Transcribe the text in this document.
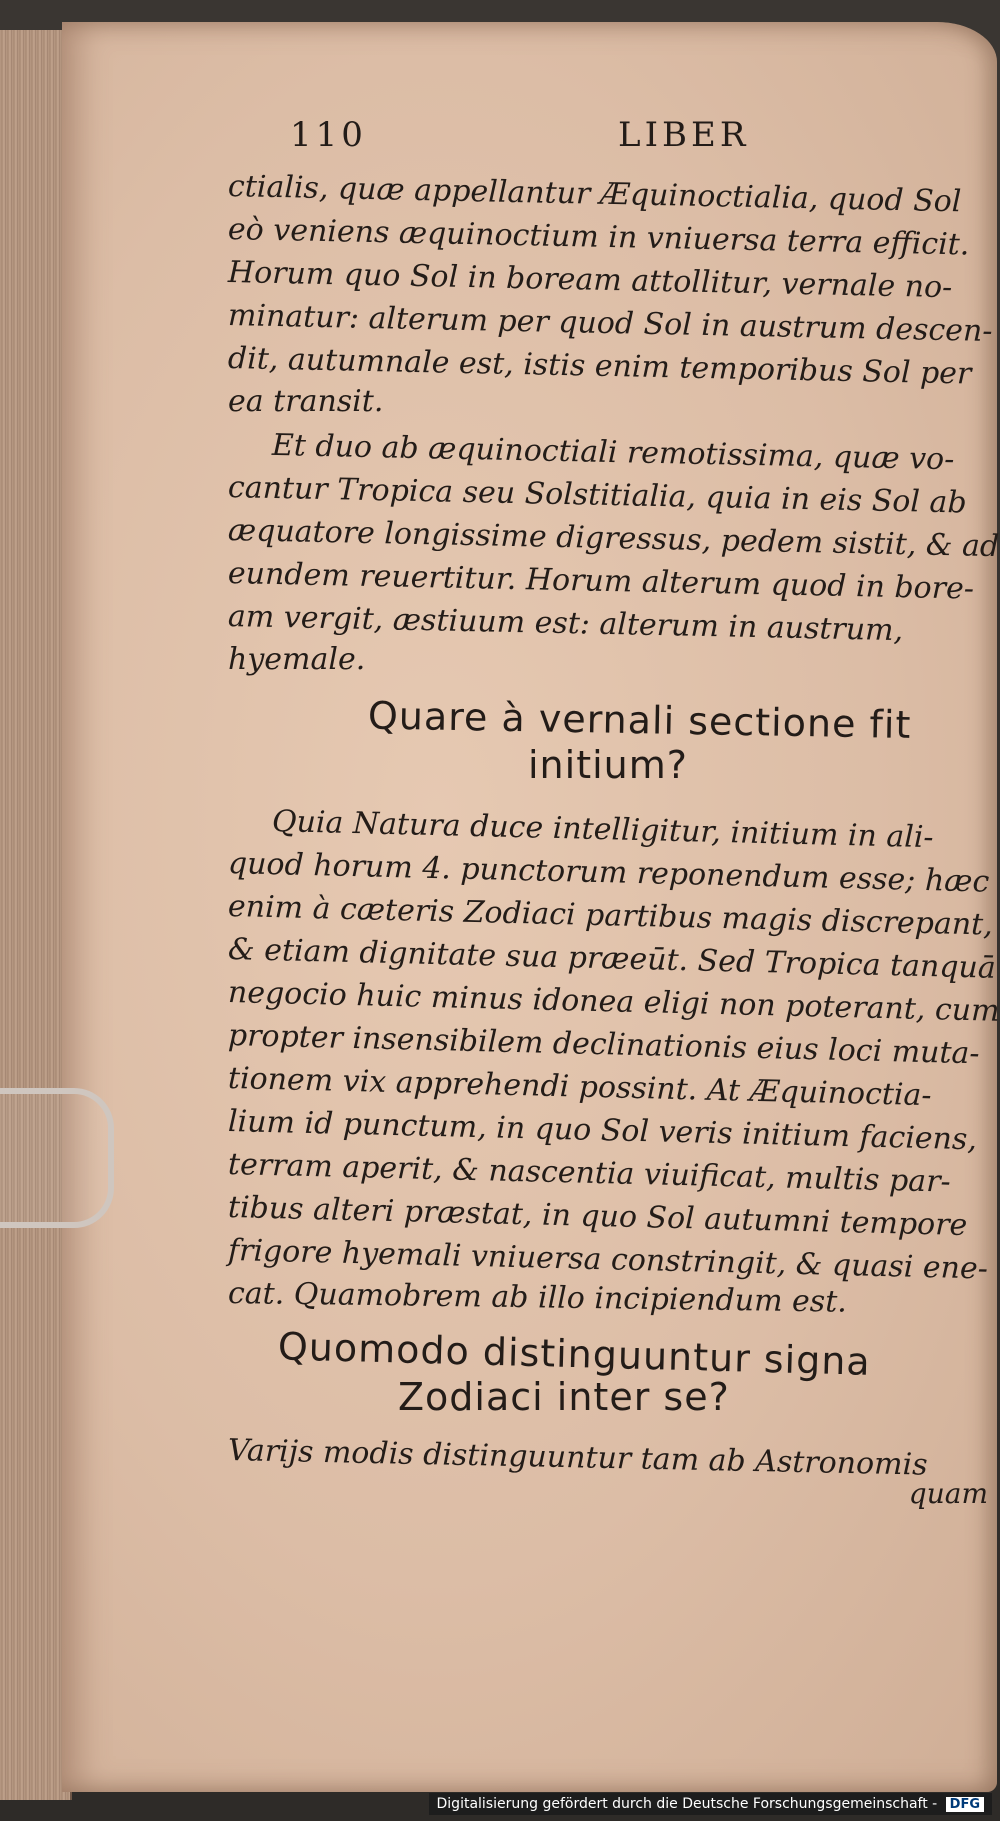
110	LIBER
ctialis, quæ appellantur Æquinoctialia, quod Sol
eò veniens æquinoctium in vniuersa terra efficit.
Horum quo Sol in boream attollitur, vernale no-
minatur: alterum per quod Sol in austrum descen-
dit, autumnale est, istis enim temporibus Sol per
ea transit.
Et duo ab æquinoctiali remotissima, quæ vo-
cantur Tropica seu Solstitialia, quia in eis Sol ab
æquatore longissime digressus, pedem sistit, & ad
eundem reuertitur. Horum alterum quod in bore-
am vergit, æstiuum est: alterum in austrum,
hyemale.
Quare à vernali sectione fit
initium?
Quia Natura duce intelligitur, initium in ali-
quod horum 4. punctorum reponendum esse; hæc
enim à cæteris Zodiaci partibus magis discrepant,
& etiam dignitate sua præeūt. Sed Tropica tanquā
negocio huic minus idonea eligi non poterant, cum
propter insensibilem declinationis eius loci muta-
tionem vix apprehendi possint. At Æquinoctia-
lium id punctum, in quo Sol veris initium faciens,
terram aperit, & nascentia viuificat, multis par-
tibus alteri præstat, in quo Sol autumni tempore
frigore hyemali vniuersa constringit, & quasi ene-
cat. Quamobrem ab illo incipiendum est.
Quomodo distinguuntur signa
Zodiaci inter se?
Varijs modis distinguuntur tam ab Astronomis
quam
Digitalisierung gefördert durch die Deutsche Forschungsgemeinschaft - DFG
